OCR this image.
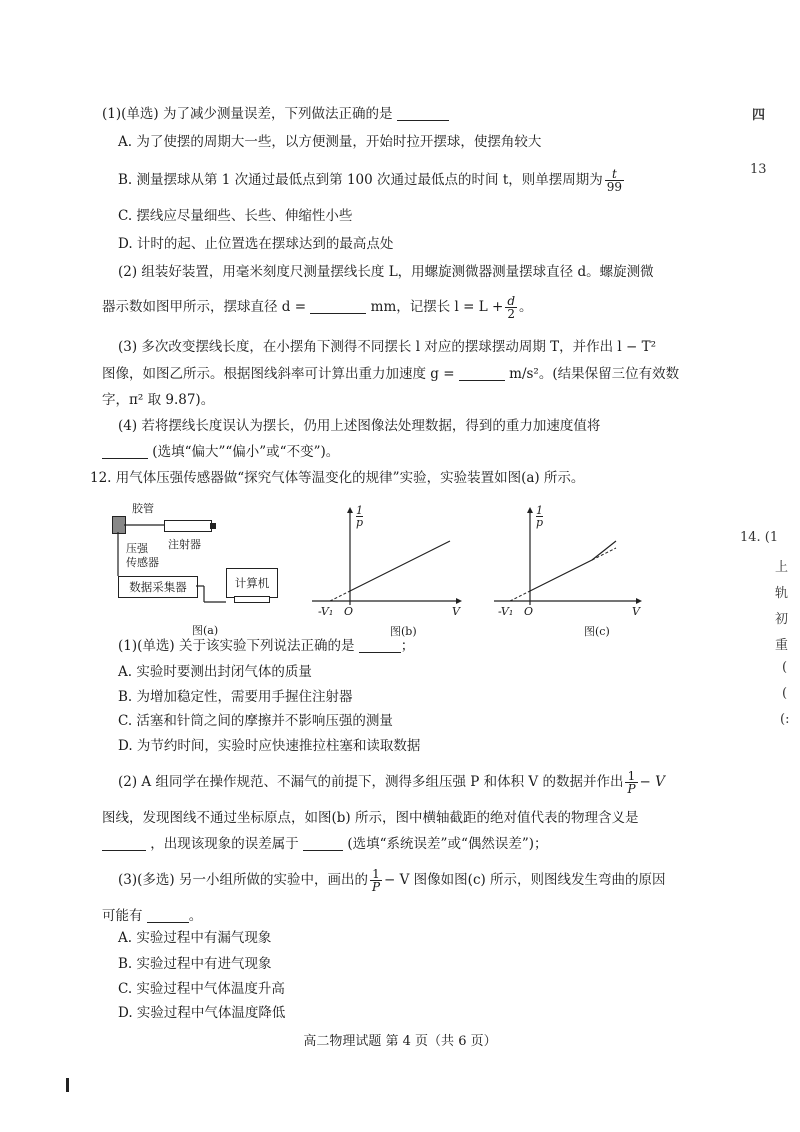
(1)(单选) 为了减少测量误差，下列做法正确的是
A. 为了使摆的周期大一些，以方便测量，开始时拉开摆球，使摆角较大
B. 测量摆球从第 1 次通过最低点到第 100 次通过最低点的时间 t，则单摆周期为 $\frac{t}{99}$
C. 摆线应尽量细些、长些、伸缩性小些
D. 计时的起、止位置选在摆球达到的最高点处
(2) 组装好装置，用毫米刻度尺测量摆线长度 L，用螺旋测微器测量摆球直径 d。螺旋测微
器示数如图甲所示，摆球直径 d =	mm，记摆长 $l = L + \frac{d}{2}$ 。
(3) 多次改变摆线长度，在小摆角下测得不同摆长 l 对应的摆球摆动周期 T，并作出 l − T²
图像，如图乙所示。根据图线斜率可计算出重力加速度 g =	m/s²。(结果保留三位有效数
字，π² 取 9.87)。
(4) 若将摆线长度误认为摆长，仍用上述图像法处理数据，得到的重力加速度值将
(选填“偏大”“偏小”或“不变”)。
12. 用气体压强传感器做“探究气体等温变化的规律”实验，实验装置如图(a) 所示。
胶管
注射器
压强
传感器
数据采集器	计算机
图(a)
1
p
V
O
-V₁
图(b)
1
p
V
O
-V₁
图(c)
(1)(单选) 关于该实验下列说法正确的是	；
A. 实验时要测出封闭气体的质量
B. 为增加稳定性，需要用手握住注射器
C. 活塞和针筒之间的摩擦并不影响压强的测量
D. 为节约时间，实验时应快速推拉柱塞和读取数据
(2) A 组同学在操作规范、不漏气的前提下，测得多组压强 P 和体积 V 的数据并作出 $\frac{1}{P} - V$
图线，发现图线不通过坐标原点，如图(b) 所示，图中横轴截距的绝对值代表的物理含义是
，出现该现象的误差属于	(选填“系统误差”或“偶然误差”)；
(3)(多选) 另一小组所做的实验中，画出的 $\frac{1}{P} - V$ 图像如图(c) 所示，则图线发生弯曲的原因
可能有	。
A. 实验过程中有漏气现象
B. 实验过程中有进气现象
C. 实验过程中气体温度升高
D. 实验过程中气体温度降低
四
13
14. (1
上
轨
初
重
(
(
(:
高二物理试题 第 4 页（共 6 页）
